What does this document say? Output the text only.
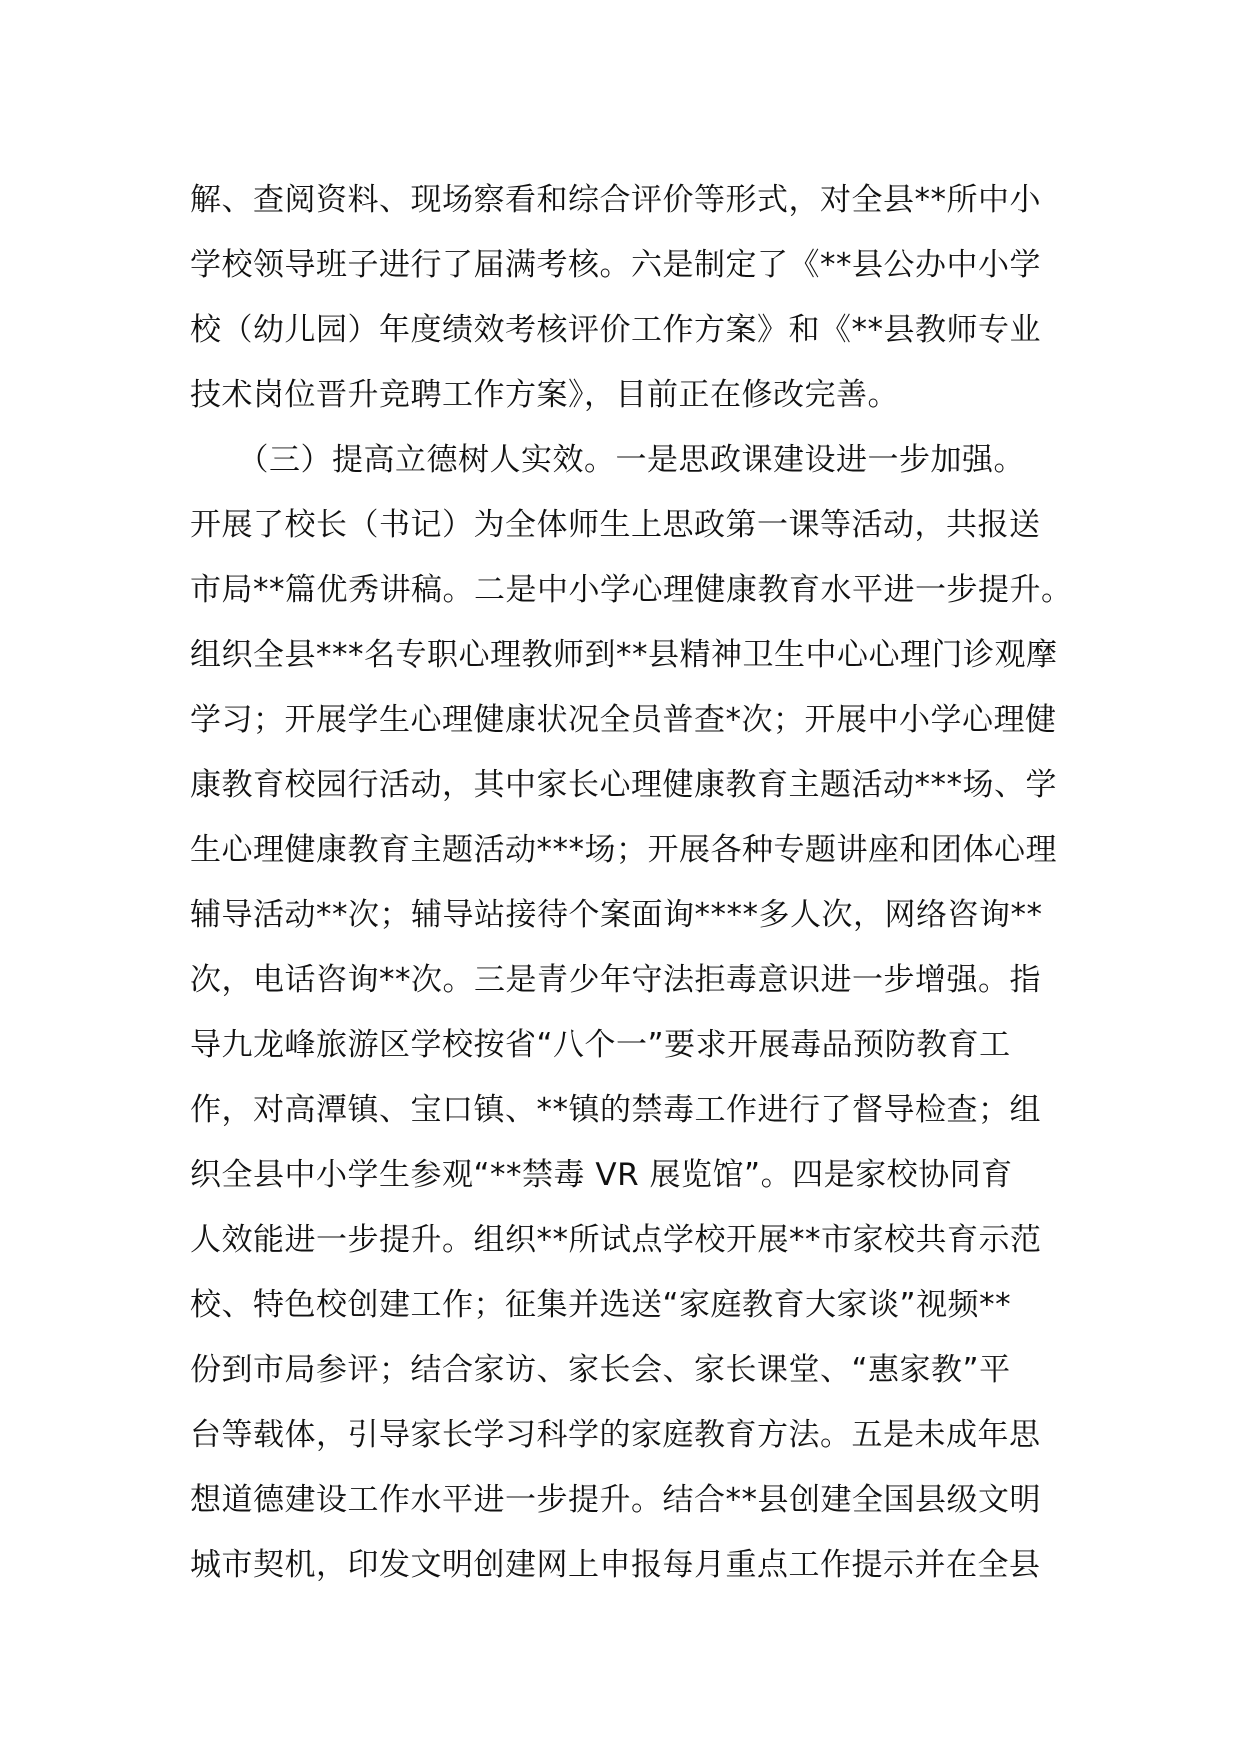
解、查阅资料、现场察看和综合评价等形式，对全县**所中小
学校领导班子进行了届满考核。六是制定了《**县公办中小学
校（幼儿园）年度绩效考核评价工作方案》和《**县教师专业
技术岗位晋升竞聘工作方案》，目前正在修改完善。
　　（三）提高立德树人实效。一是思政课建设进一步加强。
开展了校长（书记）为全体师生上思政第一课等活动，共报送
市局**篇优秀讲稿。二是中小学心理健康教育水平进一步提升。
组织全县***名专职心理教师到**县精神卫生中心心理门诊观摩
学习；开展学生心理健康状况全员普查*次；开展中小学心理健
康教育校园行活动，其中家长心理健康教育主题活动***场、学
生心理健康教育主题活动***场；开展各种专题讲座和团体心理
辅导活动**次；辅导站接待个案面询****多人次，网络咨询**
次，电话咨询**次。三是青少年守法拒毒意识进一步增强。指
导九龙峰旅游区学校按省“八个一”要求开展毒品预防教育工
作，对高潭镇、宝口镇、**镇的禁毒工作进行了督导检查；组
织全县中小学生参观“**禁毒 VR 展览馆”。四是家校协同育
人效能进一步提升。组织**所试点学校开展**市家校共育示范
校、特色校创建工作；征集并选送“家庭教育大家谈”视频**
份到市局参评；结合家访、家长会、家长课堂、“惠家教”平
台等载体，引导家长学习科学的家庭教育方法。五是未成年思
想道德建设工作水平进一步提升。结合**县创建全国县级文明
城市契机，印发文明创建网上申报每月重点工作提示并在全县
